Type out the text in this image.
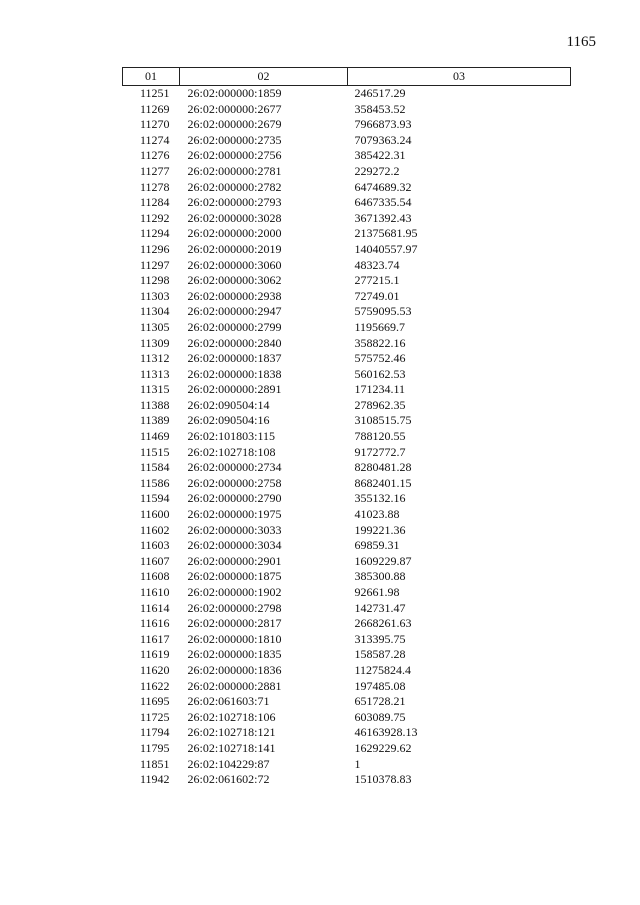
1165
01	02	03
11251	26:02:000000:1859	246517.29
11269	26:02:000000:2677	358453.52
11270	26:02:000000:2679	7966873.93
11274	26:02:000000:2735	7079363.24
11276	26:02:000000:2756	385422.31
11277	26:02:000000:2781	229272.2
11278	26:02:000000:2782	6474689.32
11284	26:02:000000:2793	6467335.54
11292	26:02:000000:3028	3671392.43
11294	26:02:000000:2000	21375681.95
11296	26:02:000000:2019	14040557.97
11297	26:02:000000:3060	48323.74
11298	26:02:000000:3062	277215.1
11303	26:02:000000:2938	72749.01
11304	26:02:000000:2947	5759095.53
11305	26:02:000000:2799	1195669.7
11309	26:02:000000:2840	358822.16
11312	26:02:000000:1837	575752.46
11313	26:02:000000:1838	560162.53
11315	26:02:000000:2891	171234.11
11388	26:02:090504:14	278962.35
11389	26:02:090504:16	3108515.75
11469	26:02:101803:115	788120.55
11515	26:02:102718:108	9172772.7
11584	26:02:000000:2734	8280481.28
11586	26:02:000000:2758	8682401.15
11594	26:02:000000:2790	355132.16
11600	26:02:000000:1975	41023.88
11602	26:02:000000:3033	199221.36
11603	26:02:000000:3034	69859.31
11607	26:02:000000:2901	1609229.87
11608	26:02:000000:1875	385300.88
11610	26:02:000000:1902	92661.98
11614	26:02:000000:2798	142731.47
11616	26:02:000000:2817	2668261.63
11617	26:02:000000:1810	313395.75
11619	26:02:000000:1835	158587.28
11620	26:02:000000:1836	11275824.4
11622	26:02:000000:2881	197485.08
11695	26:02:061603:71	651728.21
11725	26:02:102718:106	603089.75
11794	26:02:102718:121	46163928.13
11795	26:02:102718:141	1629229.62
11851	26:02:104229:87	1
11942	26:02:061602:72	1510378.83
